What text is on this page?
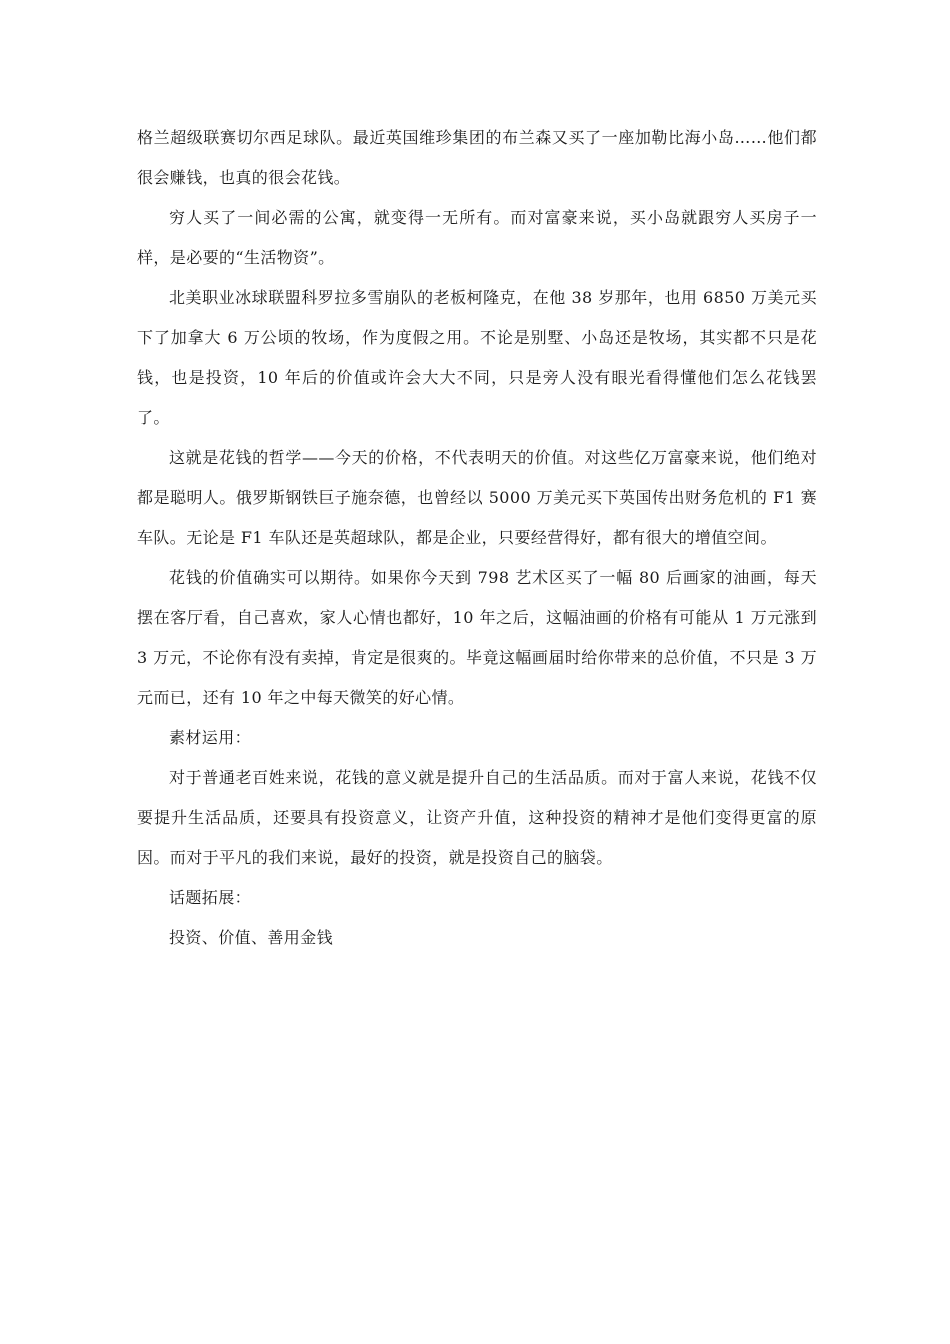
格兰超级联赛切尔西足球队。最近英国维珍集团的布兰森又买了一座加勒比海小岛……他们都很会赚钱，也真的很会花钱。

穷人买了一间必需的公寓，就变得一无所有。而对富豪来说，买小岛就跟穷人买房子一样，是必要的“生活物资”。

北美职业冰球联盟科罗拉多雪崩队的老板柯隆克，在他 38 岁那年，也用 6850 万美元买下了加拿大 6 万公顷的牧场，作为度假之用。不论是别墅、小岛还是牧场，其实都不只是花钱，也是投资，10 年后的价值或许会大大不同，只是旁人没有眼光看得懂他们怎么花钱罢了。

这就是花钱的哲学——今天的价格，不代表明天的价值。对这些亿万富豪来说，他们绝对都是聪明人。俄罗斯钢铁巨子施奈德，也曾经以 5000 万美元买下英国传出财务危机的 F1 赛车队。无论是 F1 车队还是英超球队，都是企业，只要经营得好，都有很大的增值空间。

花钱的价值确实可以期待。如果你今天到 798 艺术区买了一幅 80 后画家的油画，每天摆在客厅看，自己喜欢，家人心情也都好，10 年之后，这幅油画的价格有可能从 1 万元涨到 3 万元，不论你有没有卖掉，肯定是很爽的。毕竟这幅画届时给你带来的总价值，不只是 3 万元而已，还有 10 年之中每天微笑的好心情。

素材运用：

对于普通老百姓来说，花钱的意义就是提升自己的生活品质。而对于富人来说，花钱不仅要提升生活品质，还要具有投资意义，让资产升值，这种投资的精神才是他们变得更富的原因。而对于平凡的我们来说，最好的投资，就是投资自己的脑袋。

话题拓展：

投资、价值、善用金钱
